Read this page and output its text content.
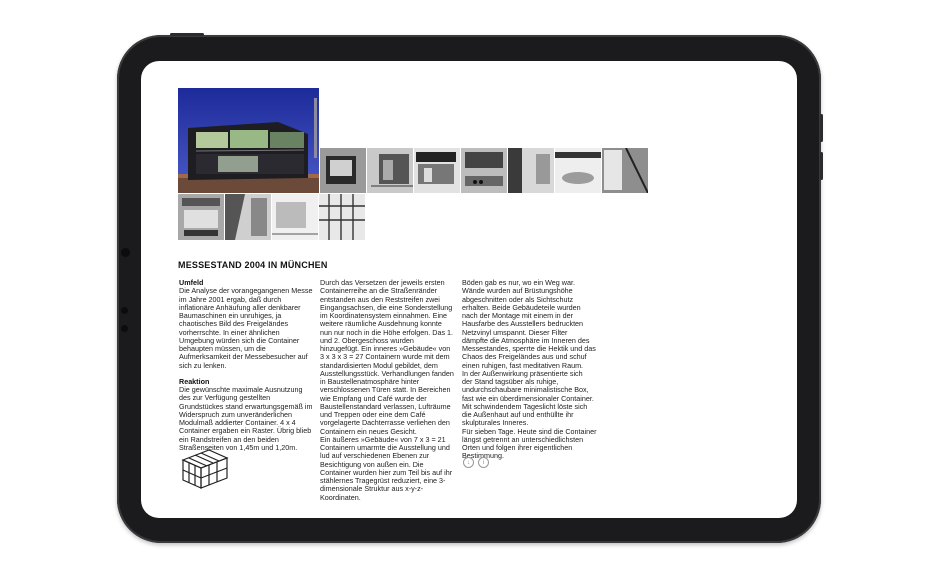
MESSESTAND 2004 IN MÜNCHEN

Umfeld

Die Analyse der vorangegangenen Messe

im Jahre 2001 ergab, daß durch

inflationäre Anhäufung aller denkbarer

Baumaschinen ein unruhiges, ja

chaotisches Bild des Freigeländes

vorherrschte. In einer ähnlichen

Umgebung würden sich die Container

behaupten müssen, um die

Aufmerksamkeit der Messebesucher auf

sich zu lenken.

Reaktion

Die gewünschte maximale Ausnutzung

des zur Verfügung gestellten

Grundstückes stand erwartungsgemäß im

Widerspruch zum unveränderlichen

Modulmaß addierter Container. 4 x 4

Container ergaben ein Raster. Übrig blieb

ein Randstreifen an den beiden

Straßenseiten von 1,45m und 1,20m.

Durch das Versetzen der jeweils ersten

Containerreihe an die Straßenränder

entstanden aus den Reststreifen zwei

Eingangsachsen, die eine Sonderstellung

im Koordinatensystem einnahmen. Eine

weitere räumliche Ausdehnung konnte

nun nur noch in die Höhe erfolgen. Das 1.

und 2. Obergeschoss wurden

hinzugefügt. Ein inneres »Gebäude« von

3 x 3 x 3 = 27 Containern wurde mit dem

standardisierten Modul gebildet, dem

Ausstellungsstück. Verhandlungen fanden

in Baustellenatmosphäre hinter

verschlossenen Türen statt. In Bereichen

wie Empfang und Café wurde der

Baustellenstandard verlassen, Lufträume

und Treppen oder eine dem Café

vorgelagerte Dachterrasse verliehen den

Containern ein neues Gesicht.

Ein äußeres »Gebäude« von 7 x 3 = 21

Containern umarmte die Ausstellung und

lud auf verschiedenen Ebenen zur

Besichtigung von außen ein. Die

Container wurden hier zum Teil bis auf ihr

stählernes Tragegrüst reduziert, eine 3-

dimensionale Struktur aus x-y-z-

Koordinaten.

Böden gab es nur, wo ein Weg war.

Wände wurden auf Brüstungshöhe

abgeschnitten oder als Sichtschutz

erhalten. Beide Gebäudeteile wurden

nach der Montage mit einem in der

Hausfarbe des Ausstellers bedruckten

Netzvinyl umspannt. Dieser Filter

dämpfte die Atmosphäre im Inneren des

Messestandes, sperrte die Hektik und das

Chaos des Freigeländes aus und schuf

einen ruhigen, fast meditativen Raum.

In der Außenwirkung präsentierte sich

der Stand tagsüber als ruhige,

undurchschaubare minimalistische Box,

fast wie ein überdimensionaler Container.

Mit schwindendem Tageslicht löste sich

die Außenhaut auf und enthüllte ihr

skulpturales Inneres.

Für sieben Tage. Heute sind die Container

längst getrennt an unterschiedlichsten

Orten und folgen ihrer eigentlichen

Bestimmung.

↓	i
